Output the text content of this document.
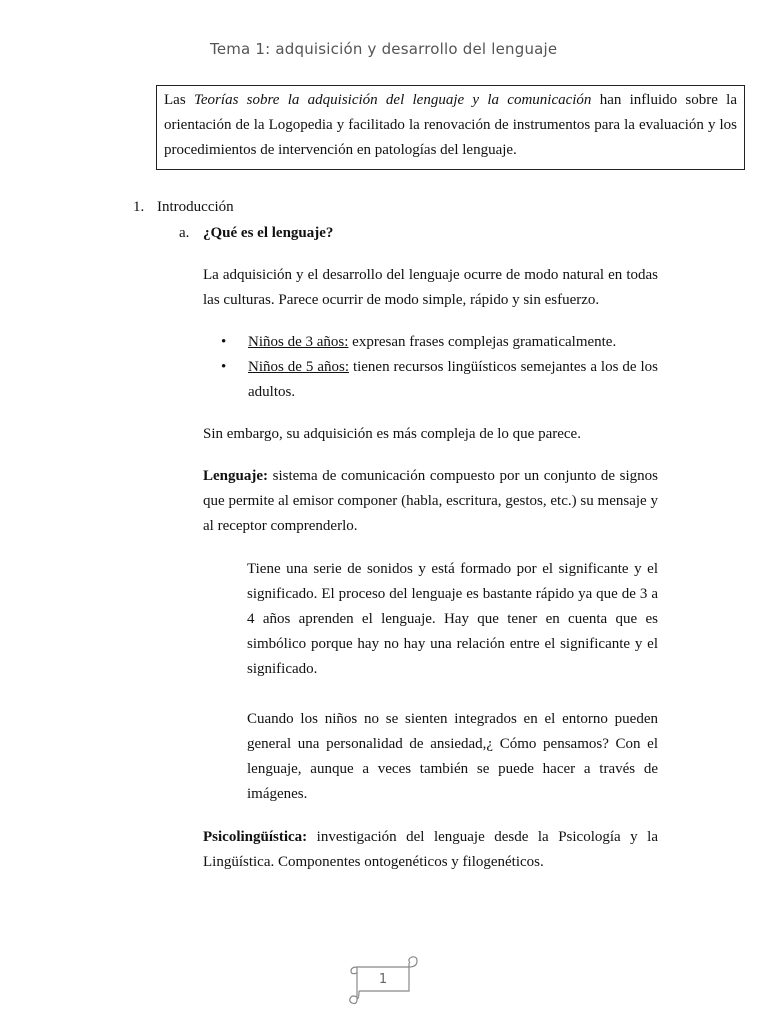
Tema 1: adquisición y desarrollo del lenguaje
Las Teorías sobre la adquisición del lenguaje y la comunicación han influido sobre la orientación de la Logopedia y facilitado la renovación de instrumentos para la evaluación y los procedimientos de intervención en patologías del lenguaje.
1. Introducción
a. ¿Qué es el lenguaje?

La adquisición y el desarrollo del lenguaje ocurre de modo natural en todas las culturas. Parece ocurrir de modo simple, rápido y sin esfuerzo.

• Niños de 3 años: expresan frases complejas gramaticalmente.
• Niños de 5 años: tienen recursos lingüísticos semejantes a los de los adultos.

Sin embargo, su adquisición es más compleja de lo que parece.

Lenguaje: sistema de comunicación compuesto por un conjunto de signos que permite al emisor componer (habla, escritura, gestos, etc.) su mensaje y al receptor comprenderlo.

Tiene una serie de sonidos y está formado por el significante y el significado. El proceso del lenguaje es bastante rápido ya que de 3 a 4 años aprenden el lenguaje. Hay que tener en cuenta que es simbólico porque hay no hay una relación entre el significante y el significado.

Cuando los niños no se sienten integrados en el entorno pueden general una personalidad de ansiedad,¿ Cómo pensamos? Con el lenguaje, aunque a veces también se puede hacer a través de imágenes.

Psicolingüística: investigación del lenguaje desde la Psicología y la Lingüística. Componentes ontogenéticos y filogenéticos.

1
